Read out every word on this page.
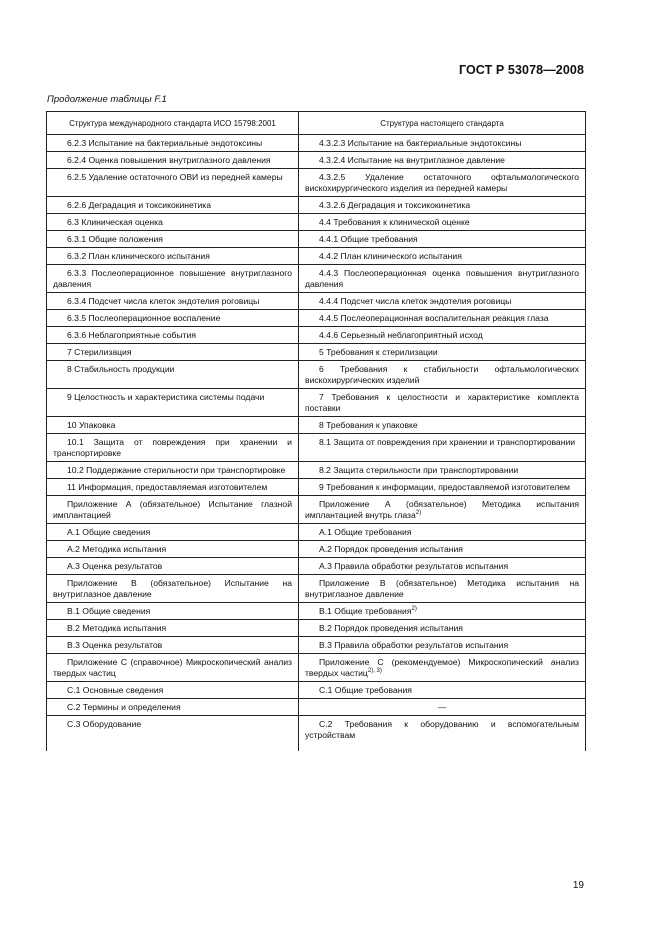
ГОСТ Р 53078—2008
Продолжение таблицы F.1
Структура международного стандарта ИСО 15798:2001	Структура настоящего стандарта
6.2.3 Испытание на бактериальные эндотоксины	4.3.2.3 Испытание на бактериальные эндотоксины
6.2.4 Оценка повышения внутриглазного давления	4.3.2.4 Испытание на внутриглазное давление
6.2.5 Удаление остаточного ОВИ из передней камеры	4.3.2.5 Удаление остаточного офтальмологического вискохирургического изделия из передней камеры
6.2.6 Деградация и токсикокинетика	4.3.2.6 Деградация и токсикокинетика
6.3 Клиническая оценка	4.4 Требования к клинической оценке
6.3.1 Общие положения	4.4.1 Общие требования
6.3.2 План клинического испытания	4.4.2 План клинического испытания
6.3.3 Послеоперационное повышение внутриглазного давления	4.4.3 Послеоперационная оценка повышения внутриглазного давления
6.3.4 Подсчет числа клеток эндотелия роговицы	4.4.4 Подсчет числа клеток эндотелия роговицы
6.3.5 Послеоперационное воспаление	4.4.5 Послеоперационная воспалительная реакция глаза
6.3.6 Неблагоприятные события	4.4.6 Серьезный неблагоприятный исход
7 Стерилизация	5 Требования к стерилизации
8 Стабильность продукции	6 Требования к стабильности офтальмологических вискохирургических изделий
9 Целостность и характеристика системы подачи	7 Требования к целостности и характеристике комплекта поставки
10 Упаковка	8 Требования к упаковке
10.1 Защита от повреждения при хранении и транспортировке	8.1 Защита от повреждения при хранении и транспортировании
10.2 Поддержание стерильности при транспортировке	8.2 Защита стерильности при транспортировании
11 Информация, предоставляемая изготовителем	9 Требования к информации, предоставляемой изготовителем
Приложение А (обязательное) Испытание глазной имплантацией	Приложение А (обязательное) Методика испытания имплантацией внутрь глаза$^{2)}$
А.1 Общие сведения	А.1 Общие требования
А.2 Методика испытания	А.2 Порядок проведения испытания
А.3 Оценка результатов	А.3 Правила обработки результатов испытания
Приложение В (обязательное) Испытание на внутриглазное давление	Приложение В (обязательное) Методика испытания на внутриглазное давление
В.1 Общие сведения	В.1 Общие требования$^{2)}$
В.2 Методика испытания	В.2 Порядок проведения испытания
В.3 Оценка результатов	В.3 Правила обработки результатов испытания
Приложение С (справочное) Микроскопический анализ твердых частиц	Приложение С (рекомендуемое) Микроскопический анализ твердых частиц$^{2), 3)}$
С.1 Основные сведения	С.1 Общие требования
С.2 Термины и определения	—
С.3 Оборудование	С.2 Требования к оборудованию и вспомогательным устройствам
19
